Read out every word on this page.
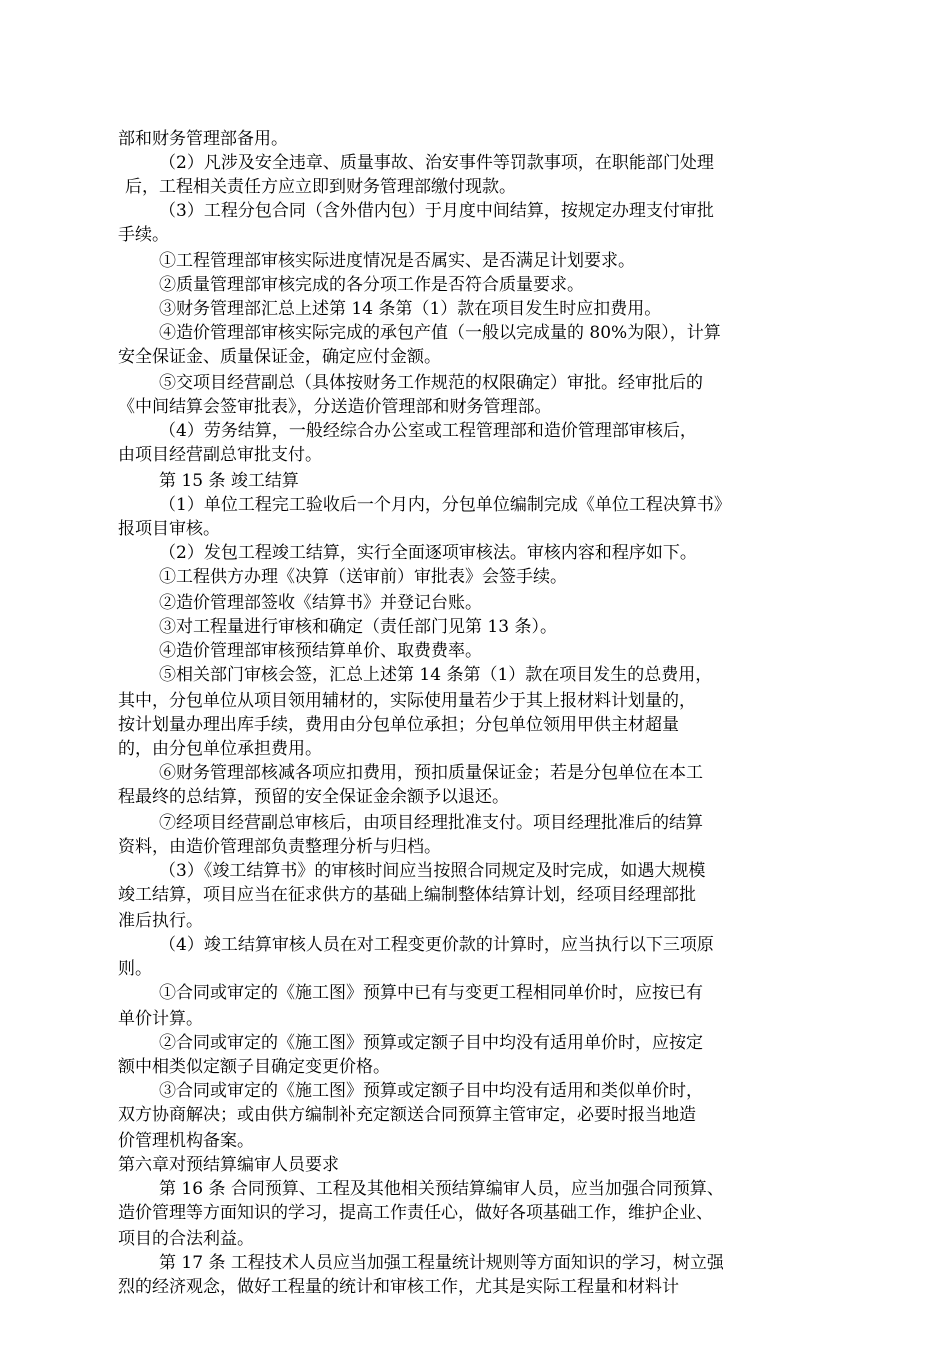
部和财务管理部备用。
（2）凡涉及安全违章、质量事故、治安事件等罚款事项，在职能部门处理
后，工程相关责任方应立即到财务管理部缴付现款。
（3）工程分包合同（含外借内包）于月度中间结算，按规定办理支付审批
手续。
①工程管理部审核实际进度情况是否属实、是否满足计划要求。
②质量管理部审核完成的各分项工作是否符合质量要求。
③财务管理部汇总上述第 14 条第（1）款在项目发生时应扣费用。
④造价管理部审核实际完成的承包产值（一般以完成量的 80%为限），计算
安全保证金、质量保证金，确定应付金额。
⑤交项目经营副总（具体按财务工作规范的权限确定）审批。经审批后的
《中间结算会签审批表》，分送造价管理部和财务管理部。
（4）劳务结算，一般经综合办公室或工程管理部和造价管理部审核后，
由项目经营副总审批支付。
第 15 条 竣工结算
（1）单位工程完工验收后一个月内，分包单位编制完成《单位工程决算书》
报项目审核。
（2）发包工程竣工结算，实行全面逐项审核法。审核内容和程序如下。
①工程供方办理《决算（送审前）审批表》会签手续。
②造价管理部签收《结算书》并登记台账。
③对工程量进行审核和确定（责任部门见第 13 条）。
④造价管理部审核预结算单价、取费费率。
⑤相关部门审核会签，汇总上述第 14 条第（1）款在项目发生的总费用，
其中，分包单位从项目领用辅材的，实际使用量若少于其上报材料计划量的，
按计划量办理出库手续，费用由分包单位承担；分包单位领用甲供主材超量
的，由分包单位承担费用。
⑥财务管理部核减各项应扣费用，预扣质量保证金；若是分包单位在本工
程最终的总结算，预留的安全保证金余额予以退还。
⑦经项目经营副总审核后，由项目经理批准支付。项目经理批准后的结算
资料，由造价管理部负责整理分析与归档。
（3）《竣工结算书》的审核时间应当按照合同规定及时完成，如遇大规模
竣工结算，项目应当在征求供方的基础上编制整体结算计划，经项目经理部批
准后执行。
（4）竣工结算审核人员在对工程变更价款的计算时，应当执行以下三项原
则。
①合同或审定的《施工图》预算中已有与变更工程相同单价时，应按已有
单价计算。
②合同或审定的《施工图》预算或定额子目中均没有适用单价时，应按定
额中相类似定额子目确定变更价格。
③合同或审定的《施工图》预算或定额子目中均没有适用和类似单价时，
双方协商解决；或由供方编制补充定额送合同预算主管审定，必要时报当地造
价管理机构备案。
第六章对预结算编审人员要求
第 16 条 合同预算、工程及其他相关预结算编审人员，应当加强合同预算、
造价管理等方面知识的学习，提高工作责任心，做好各项基础工作，维护企业、
项目的合法利益。
第 17 条 工程技术人员应当加强工程量统计规则等方面知识的学习，树立强
烈的经济观念，做好工程量的统计和审核工作，尤其是实际工程量和材料计
